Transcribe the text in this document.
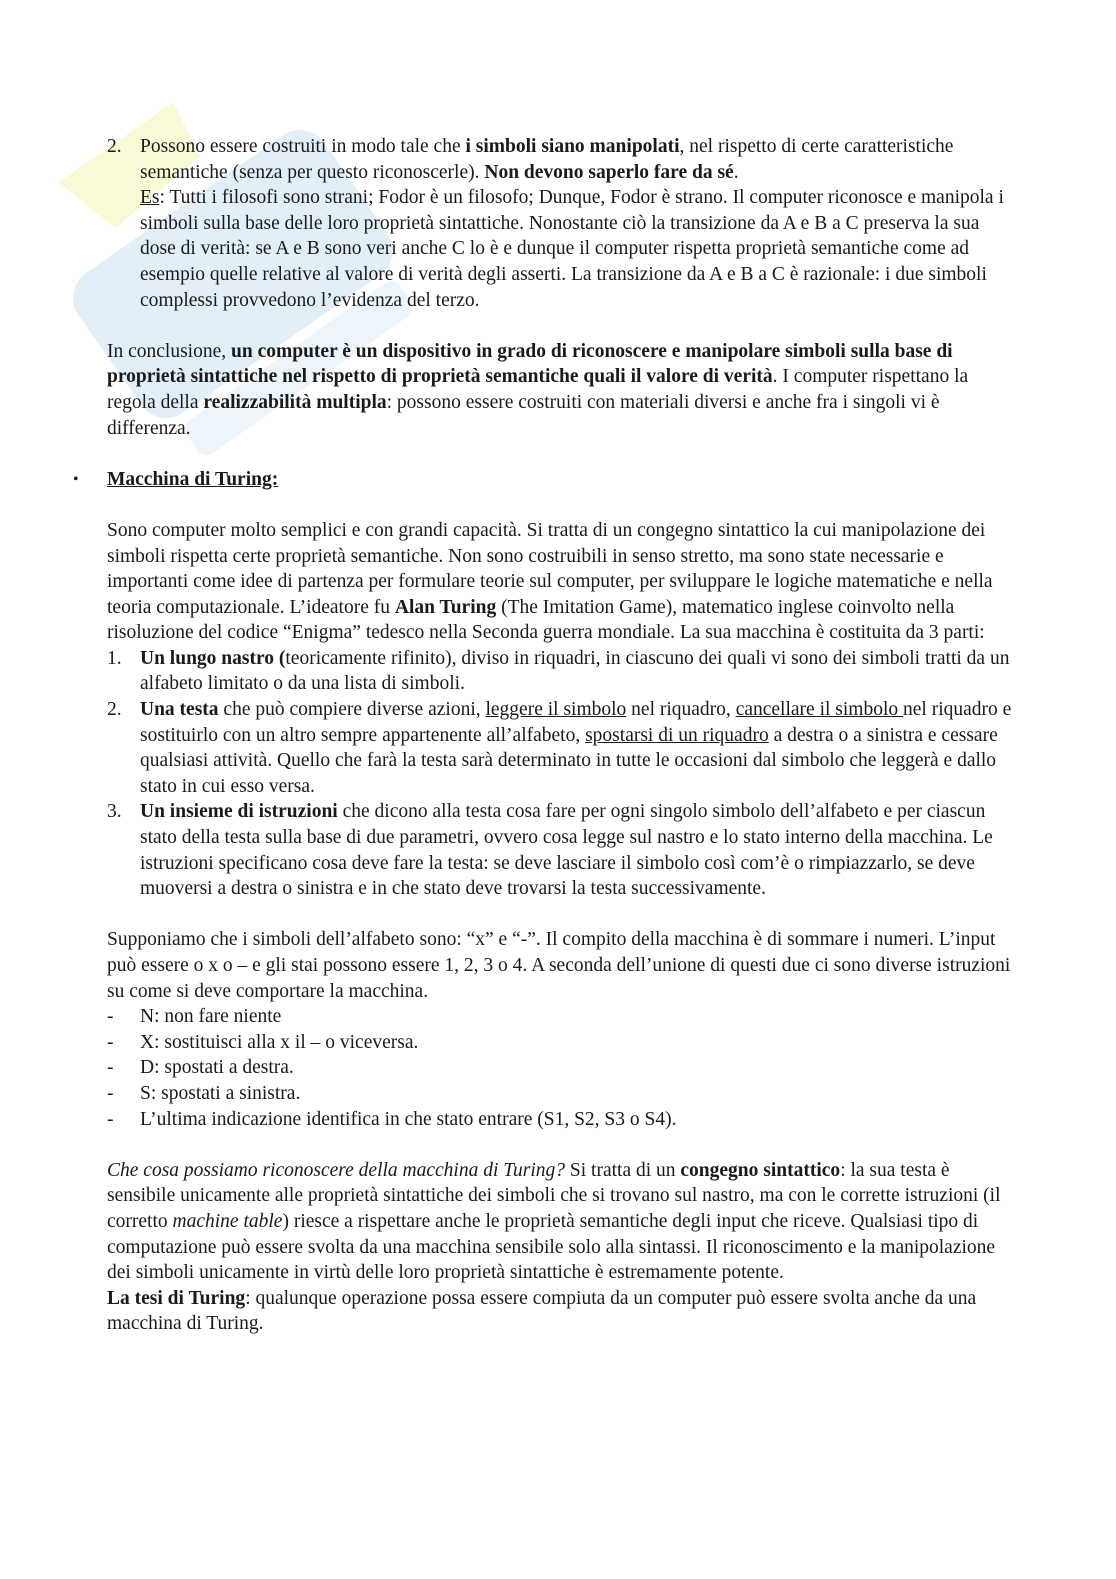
2. Possono essere costruiti in modo tale che i simboli siano manipolati, nel rispetto di certe caratteristiche semantiche (senza per questo riconoscerle). Non devono saperlo fare da sé.
Es: Tutti i filosofi sono strani; Fodor è un filosofo; Dunque, Fodor è strano. Il computer riconosce e manipola i simboli sulla base delle loro proprietà sintattiche. Nonostante ciò la transizione da A e B a C preserva la sua dose di verità: se A e B sono veri anche C lo è e dunque il computer rispetta proprietà semantiche come ad esempio quelle relative al valore di verità degli asserti. La transizione da A e B a C è razionale: i due simboli complessi provvedono l’evidenza del terzo.

In conclusione, un computer è un dispositivo in grado di riconoscere e manipolare simboli sulla base di proprietà sintattiche nel rispetto di proprietà semantiche quali il valore di verità. I computer rispettano la regola della realizzabilità multipla: possono essere costruiti con materiali diversi e anche fra i singoli vi è differenza.

• Macchina di Turing:

Sono computer molto semplici e con grandi capacità. Si tratta di un congegno sintattico la cui manipolazione dei simboli rispetta certe proprietà semantiche. Non sono costruibili in senso stretto, ma sono state necessarie e importanti come idee di partenza per formulare teorie sul computer, per sviluppare le logiche matematiche e nella teoria computazionale. L’ideatore fu Alan Turing (The Imitation Game), matematico inglese coinvolto nella risoluzione del codice “Enigma” tedesco nella Seconda guerra mondiale. La sua macchina è costituita da 3 parti:

1. Un lungo nastro (teoricamente rifinito), diviso in riquadri, in ciascuno dei quali vi sono dei simboli tratti da un alfabeto limitato o da una lista di simboli.
2. Una testa che può compiere diverse azioni, leggere il simbolo nel riquadro, cancellare il simbolo nel riquadro e sostituirlo con un altro sempre appartenente all’alfabeto, spostarsi di un riquadro a destra o a sinistra e cessare qualsiasi attività. Quello che farà la testa sarà determinato in tutte le occasioni dal simbolo che leggerà e dallo stato in cui esso versa.
3. Un insieme di istruzioni che dicono alla testa cosa fare per ogni singolo simbolo dell’alfabeto e per ciascun stato della testa sulla base di due parametri, ovvero cosa legge sul nastro e lo stato interno della macchina. Le istruzioni specificano cosa deve fare la testa: se deve lasciare il simbolo così com’è o rimpiazzarlo, se deve muoversi a destra o sinistra e in che stato deve trovarsi la testa successivamente.

Supponiamo che i simboli dell’alfabeto sono: “x” e “-”. Il compito della macchina è di sommare i numeri. L’input può essere o x o – e gli stai possono essere 1, 2, 3 o 4. A seconda dell’unione di questi due ci sono diverse istruzioni su come si deve comportare la macchina.

- N: non fare niente
- X: sostituisci alla x il – o viceversa.
- D: spostati a destra.
- S: spostati a sinistra.
- L’ultima indicazione identifica in che stato entrare (S1, S2, S3 o S4).

Che cosa possiamo riconoscere della macchina di Turing? Si tratta di un congegno sintattico: la sua testa è sensibile unicamente alle proprietà sintattiche dei simboli che si trovano sul nastro, ma con le corrette istruzioni (il corretto machine table) riesce a rispettare anche le proprietà semantiche degli input che riceve. Qualsiasi tipo di computazione può essere svolta da una macchina sensibile solo alla sintassi. Il riconoscimento e la manipolazione dei simboli unicamente in virtù delle loro proprietà sintattiche è estremamente potente.

La tesi di Turing: qualunque operazione possa essere compiuta da un computer può essere svolta anche da una macchina di Turing.
